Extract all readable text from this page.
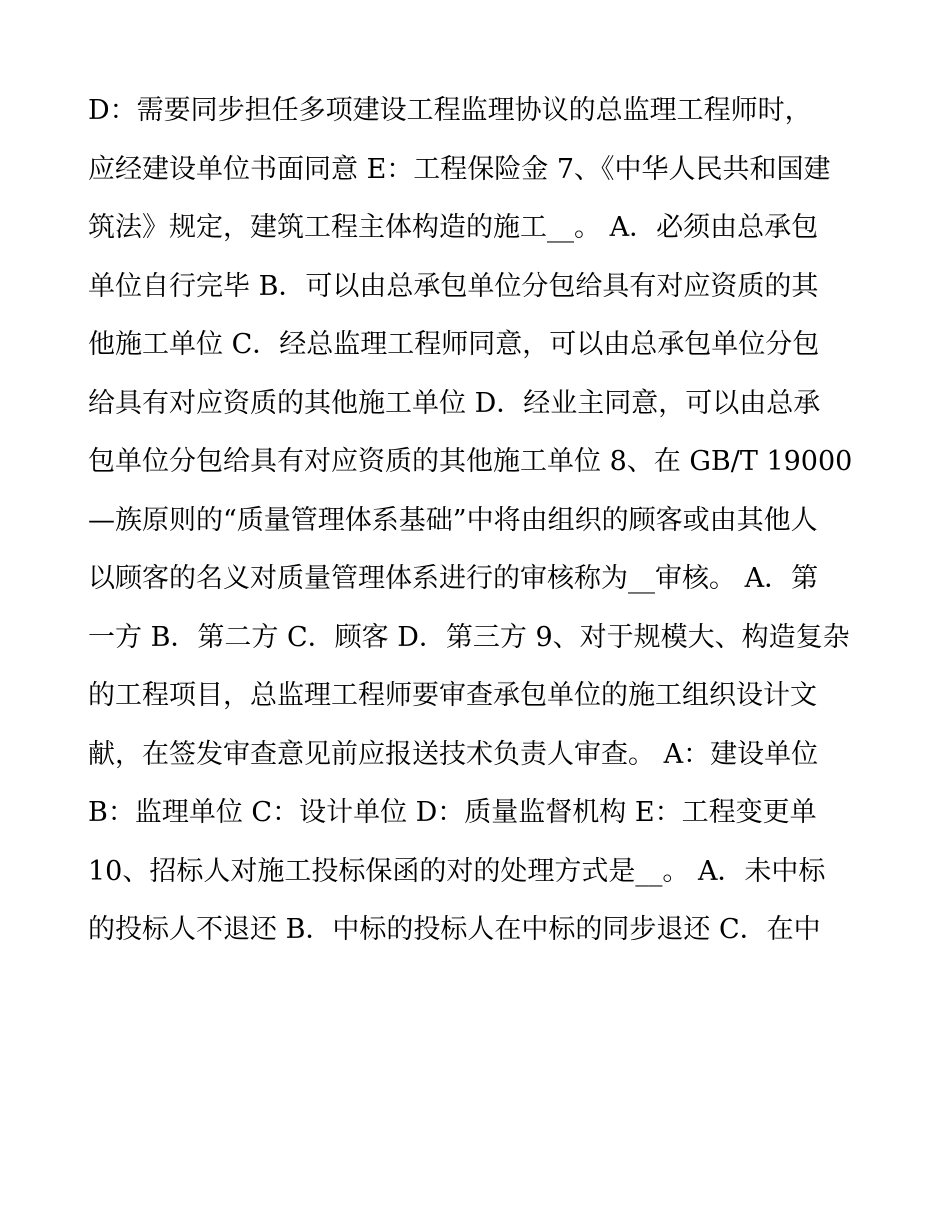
D：需要同步担任多项建设工程监理协议的总监理工程师时，
应经建设单位书面同意 E：工程保险金 7、《中华人民共和国建
筑法》规定，建筑工程主体构造的施工__。 A．必须由总承包
单位自行完毕 B．可以由总承包单位分包给具有对应资质的其
他施工单位 C．经总监理工程师同意，可以由总承包单位分包
给具有对应资质的其他施工单位 D．经业主同意，可以由总承
包单位分包给具有对应资质的其他施工单位 8、在 GB/T 19000
—族原则的“质量管理体系基础”中将由组织的顾客或由其他人
以顾客的名义对质量管理体系进行的审核称为__审核。 A．第
一方 B．第二方 C．顾客 D．第三方 9、对于规模大、构造复杂
的工程项目，总监理工程师要审查承包单位的施工组织设计文
献，在签发审查意见前应报送技术负责人审查。 A：建设单位
B：监理单位 C：设计单位 D：质量监督机构 E：工程变更单
10、招标人对施工投标保函的对的处理方式是__。 A．未中标
的投标人不退还 B．中标的投标人在中标的同步退还 C．在中
